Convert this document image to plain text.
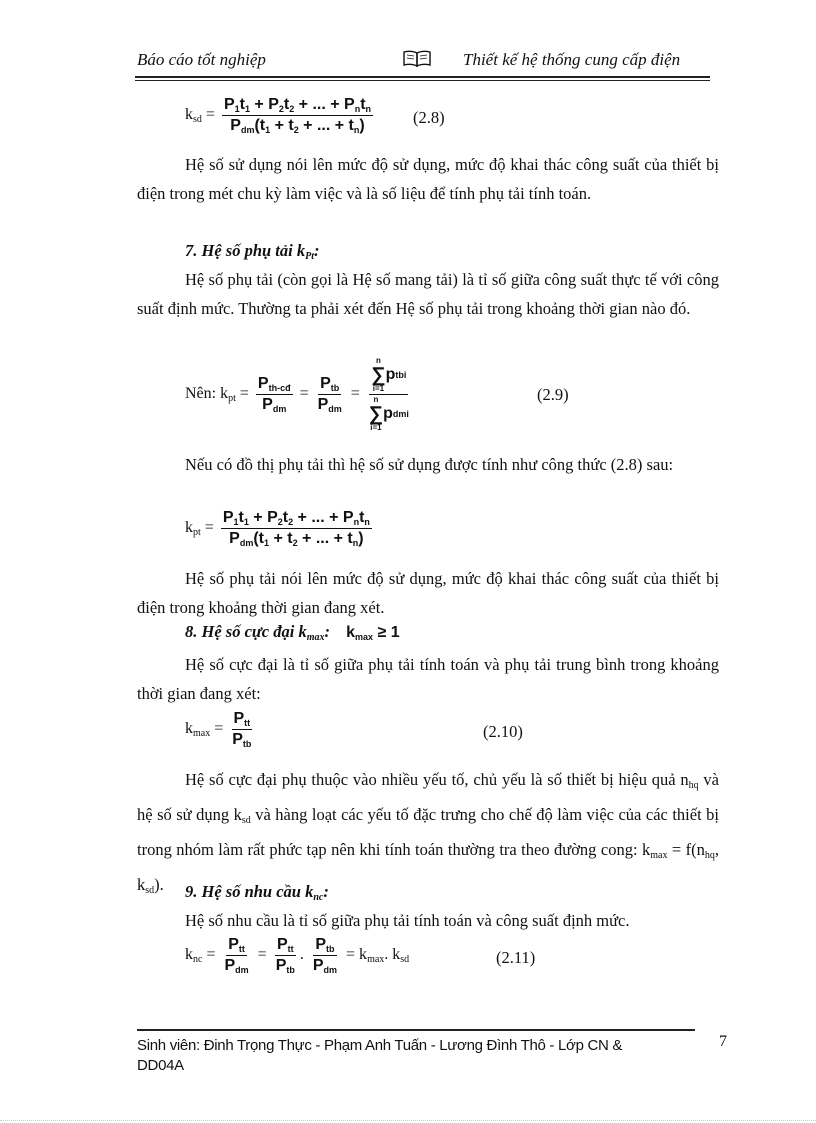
Báo cáo tốt nghiệp	Thiết kế hệ thống cung cấp điện
$k_{sd} = \frac{\text{P1t1 + P2t2 + ... + Pntn}}{\text{Pdm(t1 + t2 + ... + tn)}} (2.8)$
Hệ số sử dụng nói lên mức độ sử dụng, mức độ khai thác công suất của thiết bị điện trong mét chu kỳ làm việc và là số liệu để tính phụ tải tính toán.
7. Hệ số phụ tải $k_{Pt}$:
Hệ số phụ tải (còn gọi là Hệ số mang tải) là tỉ số giữa công suất thực tế với công suất định mức. Thường ta phải xét đến Hệ số phụ tải trong khoảng thời gian nào đó.
Nên: $k_{pt} = \frac{\text{Pth-cđ}}{\text{Pdm}} = \frac{\text{Ptb}}{\text{Pdm}} = n$
∑
i=1
p tbi
n
∑
i=1
p dmi	(2.9)
Nếu có đồ thị phụ tải thì hệ số sử dụng được tính như công thức (2.8) sau:
$k_{pt} = \frac{\text{P1t1 + P2t2 + ... + Pntn}}{\text{Pdm(t1 + t2 + ... + tn)}}$
Hệ số phụ tải nói lên mức độ sử dụng, mức độ khai thác công suất của thiết bị điện trong khoảng thời gian đang xét.
8. Hệ số cực đại $k_{max}$: kmax ≥ 1
Hệ số cực đại là tỉ số giữa phụ tải tính toán và phụ tải trung bình trong khoảng thời gian đang xét:
$k_{max} = \frac{\text{Ptt}}{\text{Ptb}}$	(2.10)
Hệ số cực đại phụ thuộc vào nhiều yếu tố, chủ yếu là số thiết bị hiệu quả $n_{hq}$ và hệ số sử dụng $k_{sd}$ và hàng loạt các yếu tố đặc trưng cho chế độ làm việc của các thiết bị trong nhóm làm rất phức tạp nên khi tính toán thường tra theo đường cong: $k_{max} = f(n_{hq}$, $k_{sd}$).	9. Hệ số nhu cầu $k_{nc}$:
Hệ số nhu cầu là tỉ số giữa phụ tải tính toán và công suất định mức.
$k_{nc} = \frac{\text{Ptt}}{\text{Pdm}} = \frac{\text{Ptt}}{\text{Ptb}}$ . $\frac{\text{Ptb}}{\text{Pdm}} = k_{max}$. $k_{sd}$	(2.11)
Sinh viên: Đinh Trọng Thực - Phạm Anh Tuấn - Lương Đình Thô - Lớp CN & DD04A
7
